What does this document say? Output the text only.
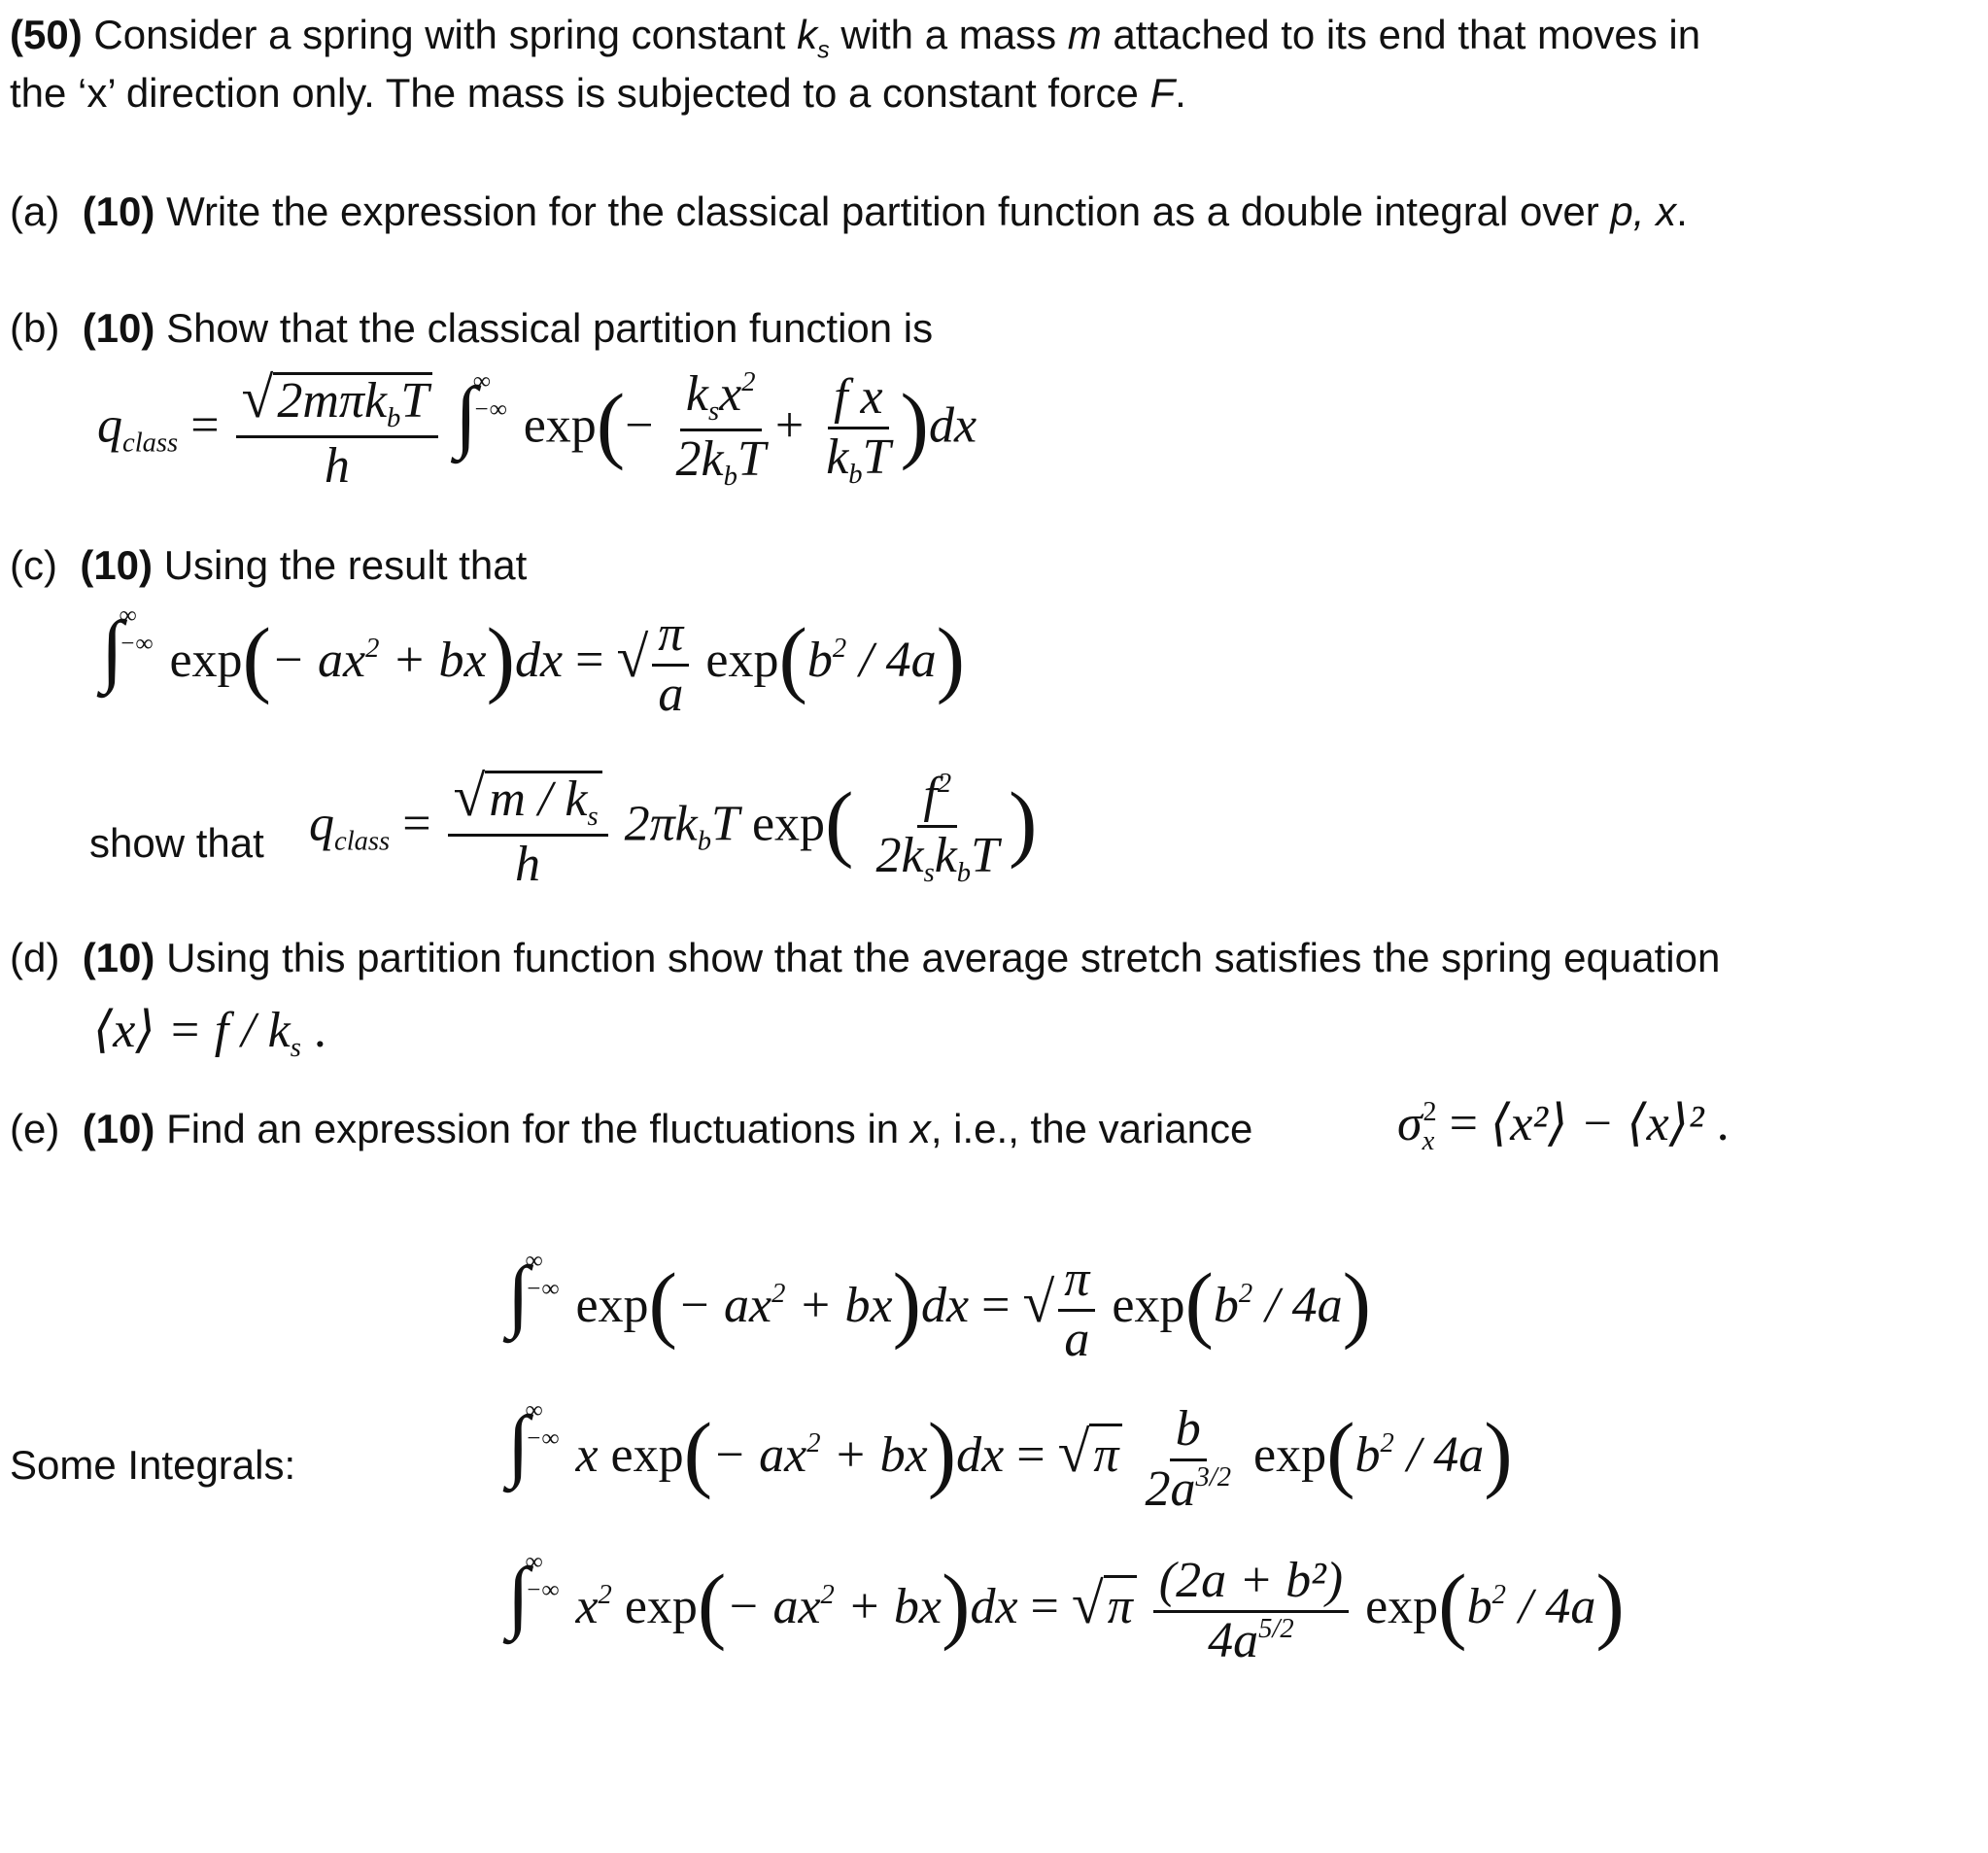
(50) Consider a spring with spring constant $k_s$ with a mass m attached to its end that moves in
the ‘x’ direction only. The mass is subjected to a constant force F.
(a) (10) Write the expression for the classical partition function as a double integral over p, x.
(b) (10) Show that the classical partition function is
$q_{class} = \frac{√2m\pi k_bT}{h}$ ∫
∞
−∞ $\exp(- \frac{k_sx^2}{2k_bT} + \frac{\text{f x}}{k_bT} )dx$
(c) (10) Using the result that
∫
∞
−∞ $\exp(- ax^2 + bx)dx$ = √ $\frac{\pi}{a} \exp(b^2 / 4a)$
show that $q_{class} = \frac{√m / k_s}{h} 2\pi k_bT$ $\exp( \frac{f^2}{2k_sk_bT}$ )
(d) (10) Using this partition function show that the average stretch satisfies the spring equation
⟨x⟩ = f / $k_s$ .
(e) (10) Find an expression for the fluctuations in x, i.e., the variance	$\sigma_x^2$ = ⟨x²⟩ − ⟨x⟩² .
Some Integrals:
∫
∞
−∞ $\exp(- ax^2 + bx)dx$ = √ $\frac{\pi}{a} \exp(b^2 / 4a)$
∫
∞
−∞ x $\exp(- ax^2 + bx)dx = √\pi \frac{b}{2a^{3/2}} \exp(b^2 / 4a)$
∫
∞
−∞ $x^2$ $\exp(- ax^2 + bx)dx = √\pi \frac{\text{(2a + b²)}}{4a^{5/2}} \exp(b^2 / 4a)$
